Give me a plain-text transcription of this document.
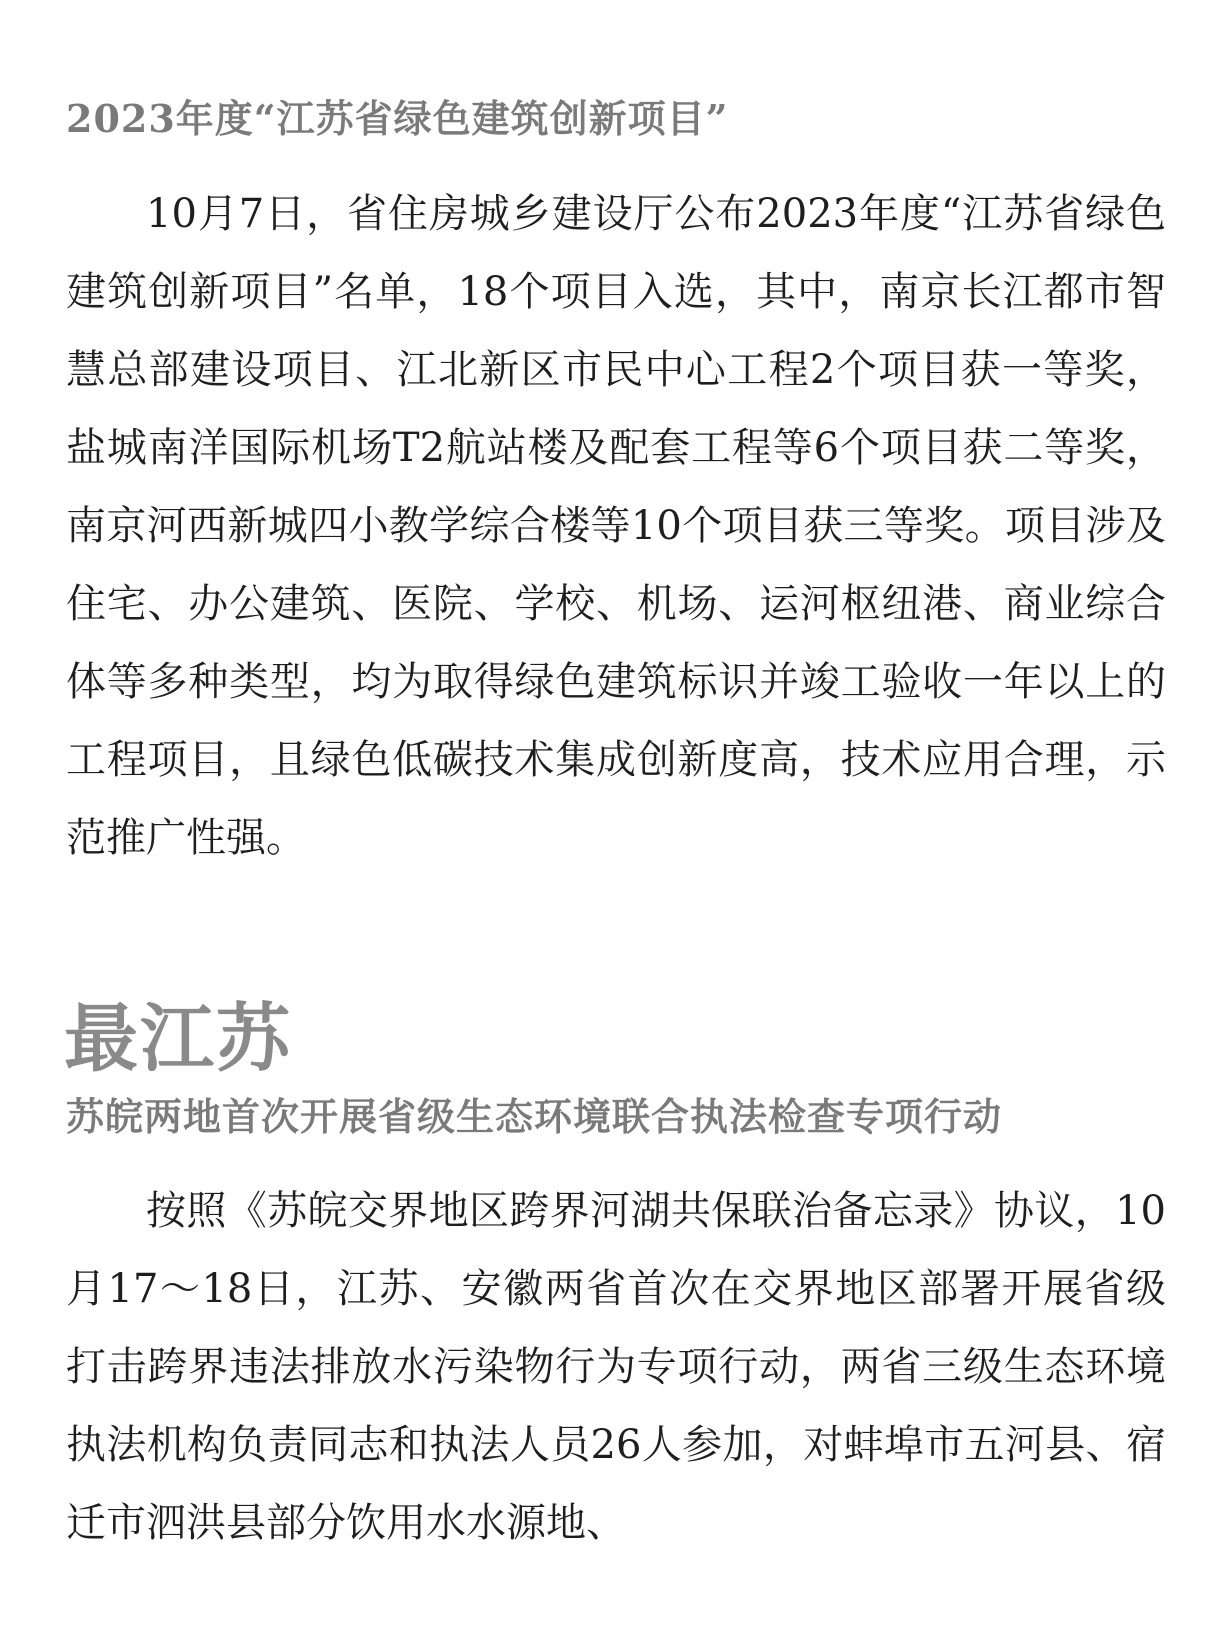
2023年度“江苏省绿色建筑创新项目”

10月7日，省住房城乡建设厅公布2023年度“江苏省绿色建筑创新项目”名单，18个项目入选，其中，南京长江都市智慧总部建设项目、江北新区市民中心工程2个项目获一等奖，盐城南洋国际机场T2航站楼及配套工程等6个项目获二等奖，南京河西新城四小教学综合楼等10个项目获三等奖。项目涉及住宅、办公建筑、医院、学校、机场、运河枢纽港、商业综合体等多种类型，均为取得绿色建筑标识并竣工验收一年以上的工程项目，且绿色低碳技术集成创新度高，技术应用合理，示范推广性强。

最江苏
苏皖两地首次开展省级生态环境联合执法检查专项行动

按照《苏皖交界地区跨界河湖共保联治备忘录》协议，10月17～18日，江苏、安徽两省首次在交界地区部署开展省级打击跨界违法排放水污染物行为专项行动，两省三级生态环境执法机构负责同志和执法人员26人参加，对蚌埠市五河县、宿迁市泗洪县部分饮用水水源地、
